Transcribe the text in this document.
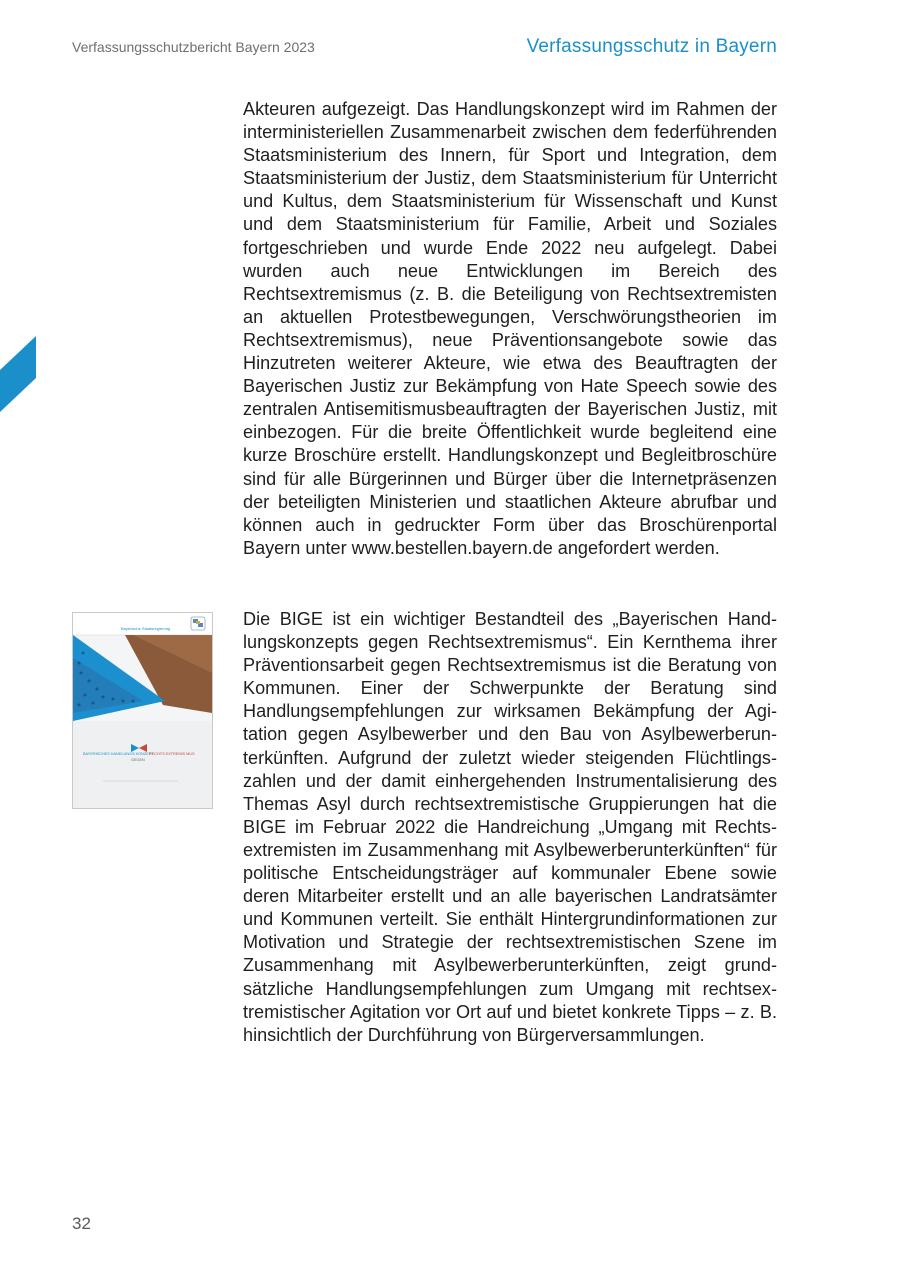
Verfassungsschutzbericht Bayern 2023	Verfassungsschutz in Bayern

Akteuren aufgezeigt. Das Handlungskonzept wird im Rahmen der interministeriellen Zusammenarbeit zwischen dem federführenden Staatsministerium des Innern, für Sport und Integration, dem Staatsministerium der Justiz, dem Staatsministerium für Unterricht und Kultus, dem Staatsministerium für Wissenschaft und Kunst und dem Staatsministerium für Familie, Arbeit und Soziales fortgeschrieben und wurde Ende 2022 neu aufgelegt. Dabei wurden auch neue Entwicklungen im Bereich des Rechtsextremismus (z. B. die Beteiligung von Rechtsextremisten an aktuellen Protestbewegungen, Verschwörungstheorien im Rechtsextremismus), neue Präventionsangebote sowie das Hinzutreten weiterer Akteure, wie etwa des Beauftragten der Bayerischen Justiz zur Bekämpfung von Hate Speech sowie des zentralen Antisemitismusbeauftragten der Bayerischen Justiz, mit einbezogen. Für die breite Öffentlichkeit wurde begleitend eine kurze Broschüre erstellt. Handlungskonzept und Begleitbroschüre sind für alle Bürgerinnen und Bürger über die Internetpräsenzen der beteiligten Ministerien und staatlichen Akteure abrufbar und können auch in gedruckter Form über das Broschürenportal Bayern unter www.bestellen.bayern.de angefordert werden.

Bayerische Staatsregierung
BAYERISCHES HANDLUNGS KONZEPT
GEGEN
RECHTS EXTREMIS MUS

Die BIGE ist ein wichtiger Bestandteil des „Bayerischen Handlungskonzepts gegen Rechtsextremismus“. Ein Kernthema ihrer Präventionsarbeit gegen Rechtsextremismus ist die Beratung von Kommunen. Einer der Schwerpunkte der Beratung sind Handlungsempfehlungen zur wirksamen Bekämpfung der Agitation gegen Asylbewerber und den Bau von Asylbewerberunterkünften. Aufgrund der zuletzt wieder steigenden Flüchtlingszahlen und der damit einhergehenden Instrumentalisierung des Themas Asyl durch rechtsextremistische Gruppierungen hat die BIGE im Februar 2022 die Handreichung „Umgang mit Rechtsextremisten im Zusammenhang mit Asylbewerberunterkünften“ für politische Entscheidungsträger auf kommunaler Ebene sowie deren Mitarbeiter erstellt und an alle bayerischen Landratsämter und Kommunen verteilt. Sie enthält Hintergrundinformationen zur Motivation und Strategie der rechtsextremistischen Szene im Zusammenhang mit Asylbewerberunterkünften, zeigt grundsätzliche Handlungsempfehlungen zum Umgang mit rechtsextremistischer Agitation vor Ort auf und bietet konkrete Tipps – z. B. hinsichtlich der Durchführung von Bürgerversammlungen.

32
